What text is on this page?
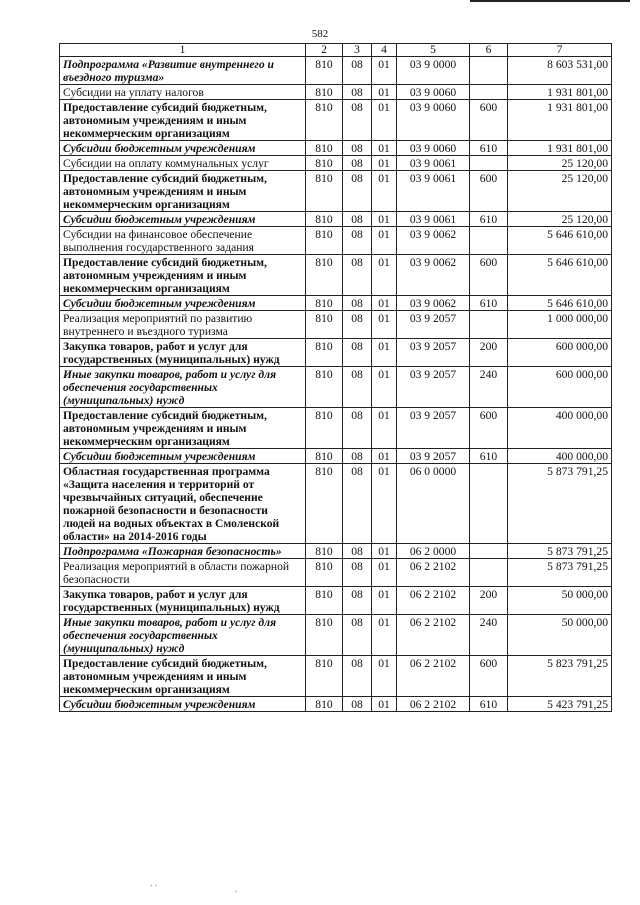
582
1	2	3	4	5	6	7
Подпрограмма «Развитие внутреннего и въездного туризма»	810	08	01	03 9 0000		8 603 531,00
Субсидии на уплату налогов	810	08	01	03 9 0060		1 931 801,00
Предоставление субсидий бюджетным, автономным учреждениям и иным некоммерческим организациям	810	08	01	03 9 0060	600	1 931 801,00
Субсидии бюджетным учреждениям	810	08	01	03 9 0060	610	1 931 801,00
Субсидии на оплату коммунальных услуг	810	08	01	03 9 0061		25 120,00
Предоставление субсидий бюджетным, автономным учреждениям и иным некоммерческим организациям	810	08	01	03 9 0061	600	25 120,00
Субсидии бюджетным учреждениям	810	08	01	03 9 0061	610	25 120,00
Субсидии на финансовое обеспечение выполнения государственного задания	810	08	01	03 9 0062		5 646 610,00
Предоставление субсидий бюджетным, автономным учреждениям и иным некоммерческим организациям	810	08	01	03 9 0062	600	5 646 610,00
Субсидии бюджетным учреждениям	810	08	01	03 9 0062	610	5 646 610,00
Реализация мероприятий по развитию внутреннего и въездного туризма	810	08	01	03 9 2057		1 000 000,00
Закупка товаров, работ и услуг для государственных (муниципальных) нужд	810	08	01	03 9 2057	200	600 000,00
Иные закупки товаров, работ и услуг для обеспечения государственных (муниципальных) нужд	810	08	01	03 9 2057	240	600 000,00
Предоставление субсидий бюджетным, автономным учреждениям и иным некоммерческим организациям	810	08	01	03 9 2057	600	400 000,00
Субсидии бюджетным учреждениям	810	08	01	03 9 2057	610	400 000,00
Областная государственная программа «Защита населения и территорий от чрезвычайных ситуаций, обеспечение пожарной безопасности и безопасности людей на водных объектах в Смоленской области» на 2014-2016 годы	810	08	01	06 0 0000		5 873 791,25
Подпрограмма «Пожарная безопасность»	810	08	01	06 2 0000		5 873 791,25
Реализация мероприятий в области пожарной безопасности	810	08	01	06 2 2102		5 873 791,25
Закупка товаров, работ и услуг для государственных (муниципальных) нужд	810	08	01	06 2 2102	200	50 000,00
Иные закупки товаров, работ и услуг для обеспечения государственных (муниципальных) нужд	810	08	01	06 2 2102	240	50 000,00
Предоставление субсидий бюджетным, автономным учреждениям и иным некоммерческим организациям	810	08	01	06 2 2102	600	5 823 791,25
Субсидии бюджетным учреждениям	810	08	01	06 2 2102	610	5 423 791,25
. .
.
